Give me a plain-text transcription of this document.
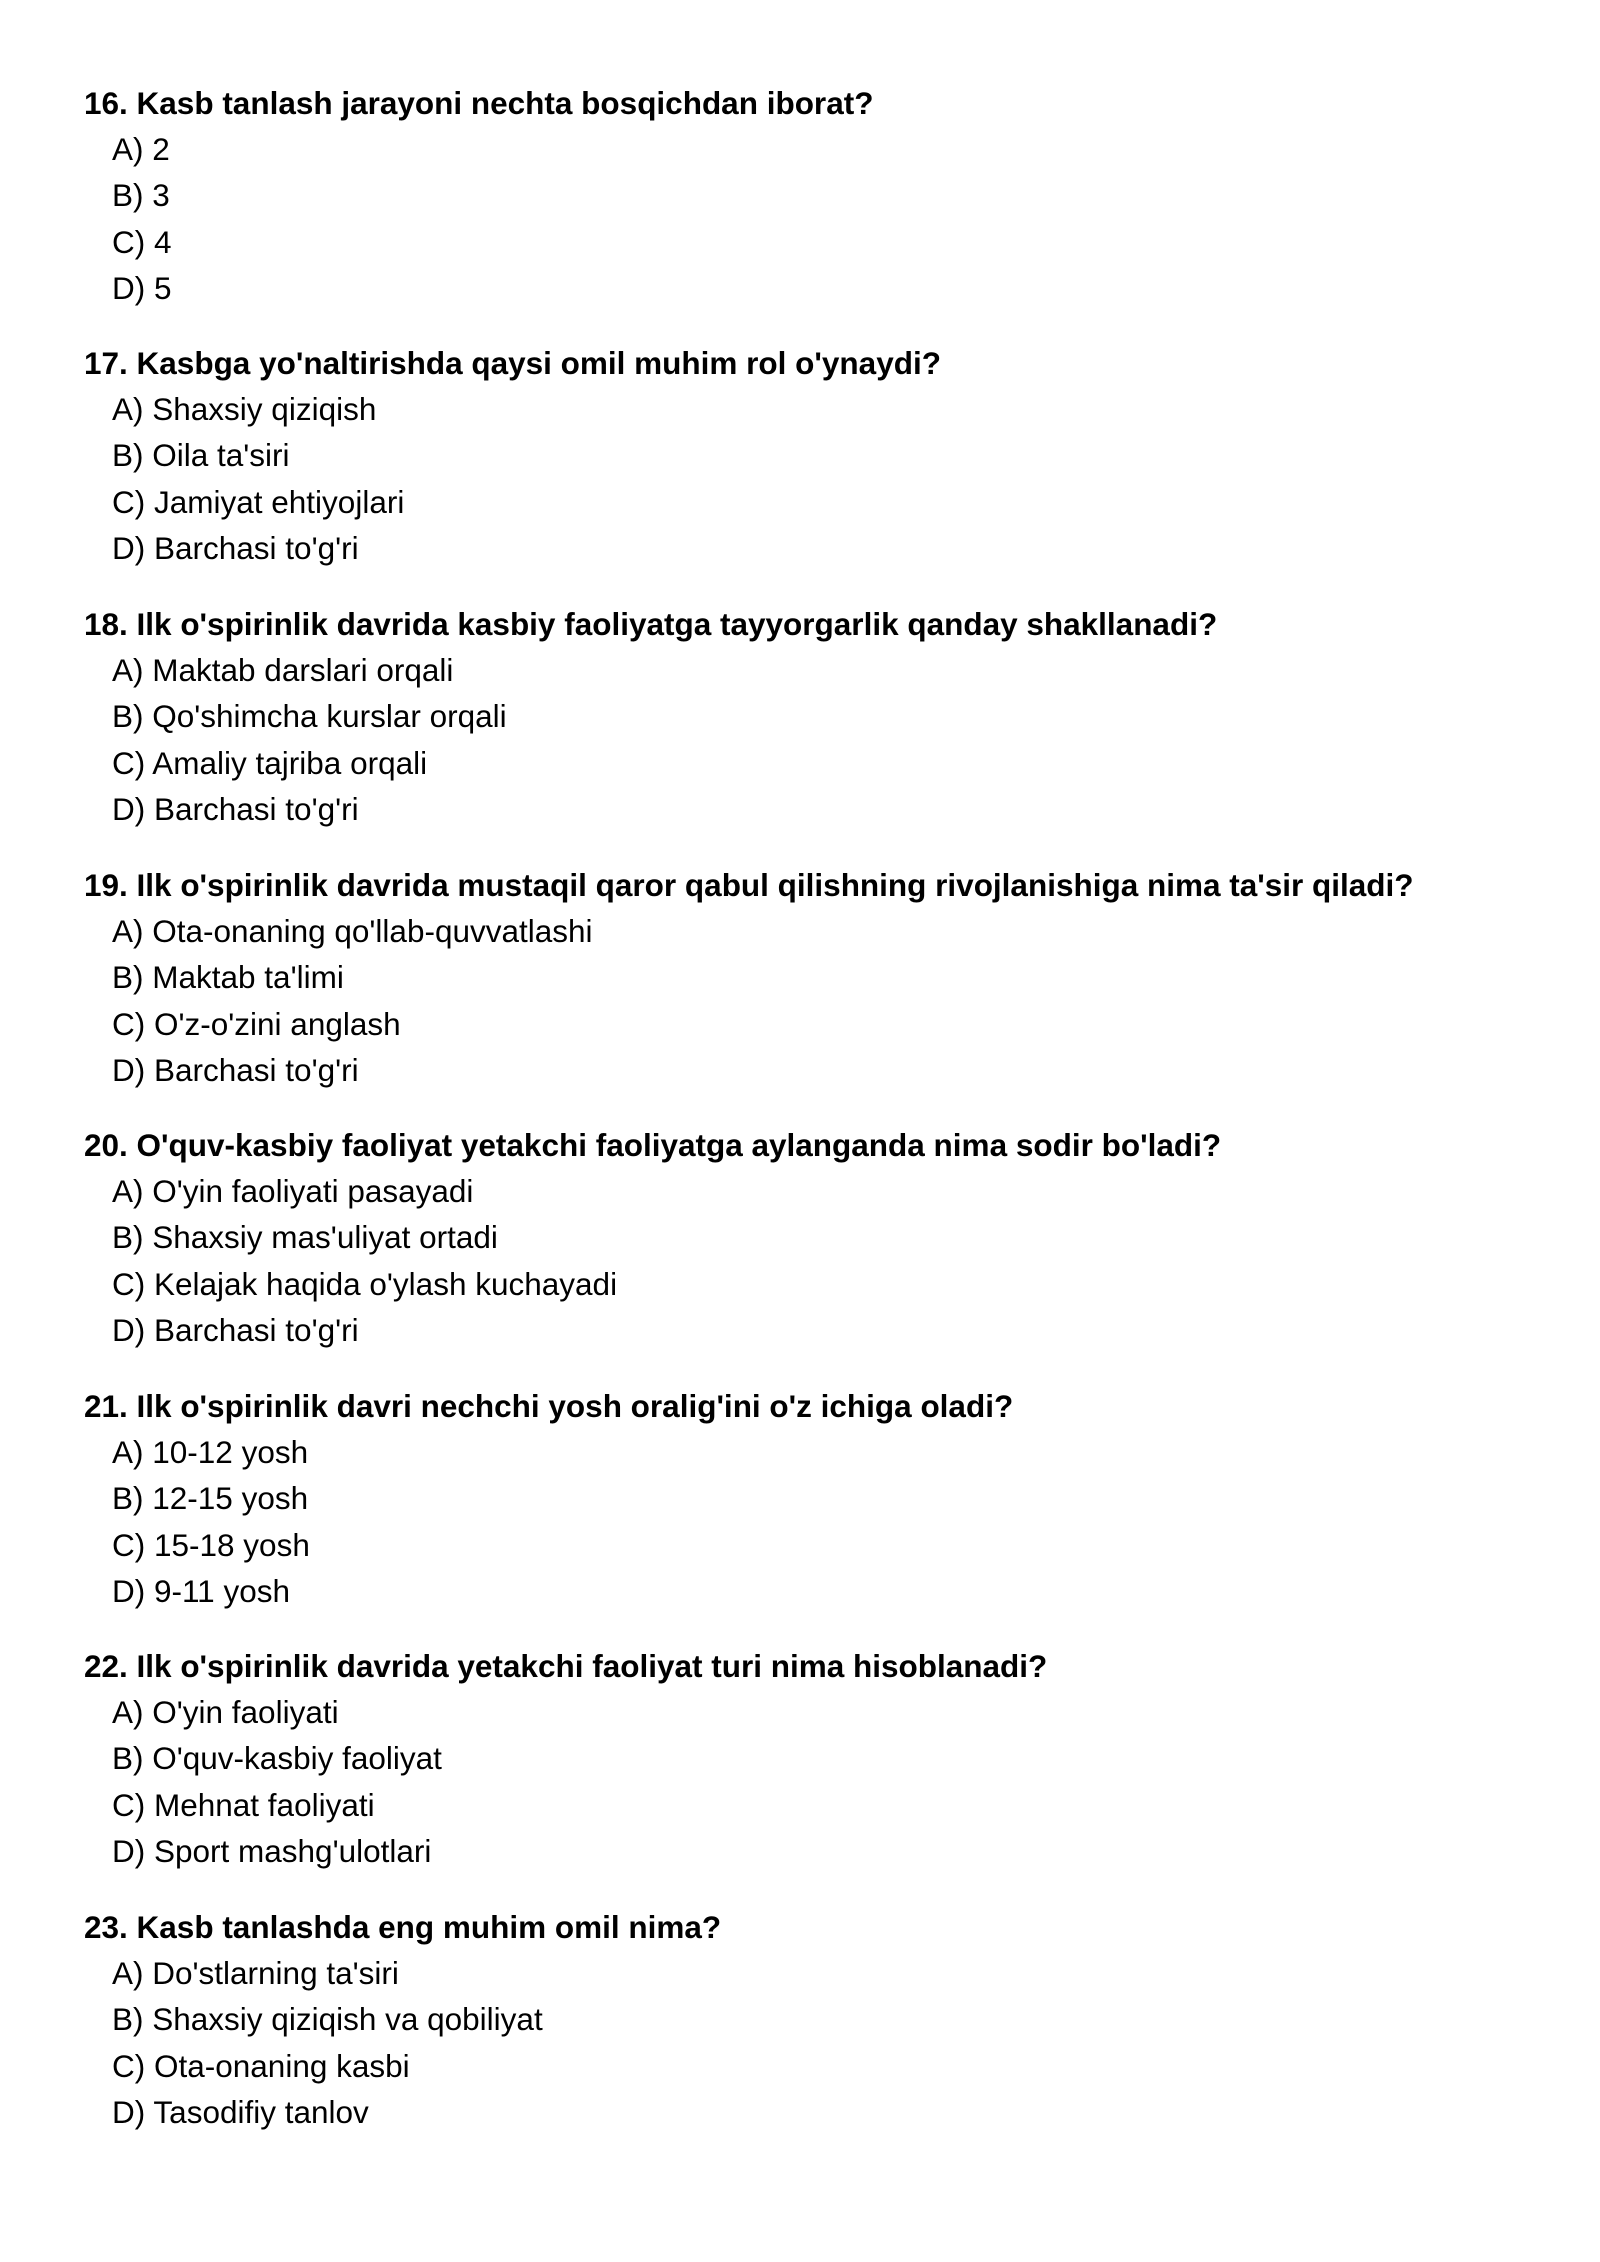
16. Kasb tanlash jarayoni nechta bosqichdan iborat?
A) 2
B) 3
C) 4
D) 5
17. Kasbga yo'naltirishda qaysi omil muhim rol o'ynaydi?
A) Shaxsiy qiziqish
B) Oila ta'siri
C) Jamiyat ehtiyojlari
D) Barchasi to'g'ri
18. Ilk o'spirinlik davrida kasbiy faoliyatga tayyorgarlik qanday shakllanadi?
A) Maktab darslari orqali
B) Qo'shimcha kurslar orqali
C) Amaliy tajriba orqali
D) Barchasi to'g'ri
19. Ilk o'spirinlik davrida mustaqil qaror qabul qilishning rivojlanishiga nima ta'sir qiladi?
A) Ota-onaning qo'llab-quvvatlashi
B) Maktab ta'limi
C) O'z-o'zini anglash
D) Barchasi to'g'ri
20. O'quv-kasbiy faoliyat yetakchi faoliyatga aylanganda nima sodir bo'ladi?
A) O'yin faoliyati pasayadi
B) Shaxsiy mas'uliyat ortadi
C) Kelajak haqida o'ylash kuchayadi
D) Barchasi to'g'ri
21. Ilk o'spirinlik davri nechchi yosh oralig'ini o'z ichiga oladi?
A) 10-12 yosh
B) 12-15 yosh
C) 15-18 yosh
D) 9-11 yosh
22. Ilk o'spirinlik davrida yetakchi faoliyat turi nima hisoblanadi?
A) O'yin faoliyati
B) O'quv-kasbiy faoliyat
C) Mehnat faoliyati
D) Sport mashg'ulotlari
23. Kasb tanlashda eng muhim omil nima?
A) Do'stlarning ta'siri
B) Shaxsiy qiziqish va qobiliyat
C) Ota-onaning kasbi
D) Tasodifiy tanlov
